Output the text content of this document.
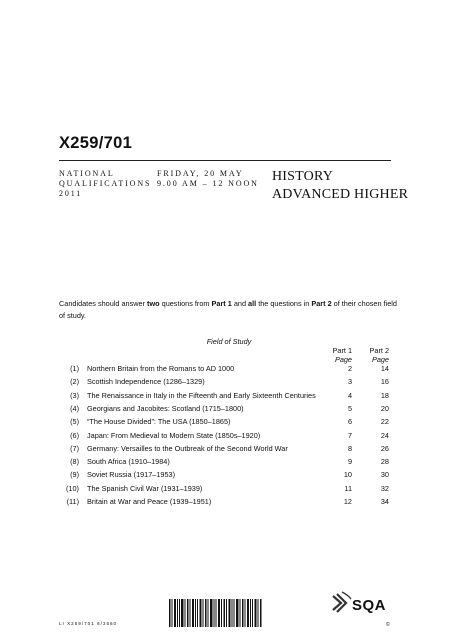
X259/701
NATIONAL
QUALIFICATIONS
2011
FRIDAY, 20 MAY
9.00 AM – 12 NOON HISTORY
ADVANCED HIGHER
Candidates should answer two questions from Part 1 and all the questions in Part 2 of their chosen field of study.
Field of Study
Part 1
Page
Part 2
Page
(1) Northern Britain from the Romans to AD 1000	2	14
(2) Scottish Independence (1286–1329)	3	16
(3) The Renaissance in Italy in the Fifteenth and Early Sixteenth Centuries	4	18
(4) Georgians and Jacobites: Scotland (1715–1800)	5	20
(5) “The House Divided”: The USA (1850–1865)	6	22
(6) Japan: From Medieval to Modern State (1850s–1920)	7	24
(7) Germany: Versailles to the Outbreak of the Second World War	8	26
(8) South Africa (1910–1984)	9	28
(9) Soviet Russia (1917–1953)	10	30
(10) The Spanish Civil War (1931–1939)	11	32
(11) Britain at War and Peace (1939–1951)	12	34
LI X259/701 6/3560
SQA
©
